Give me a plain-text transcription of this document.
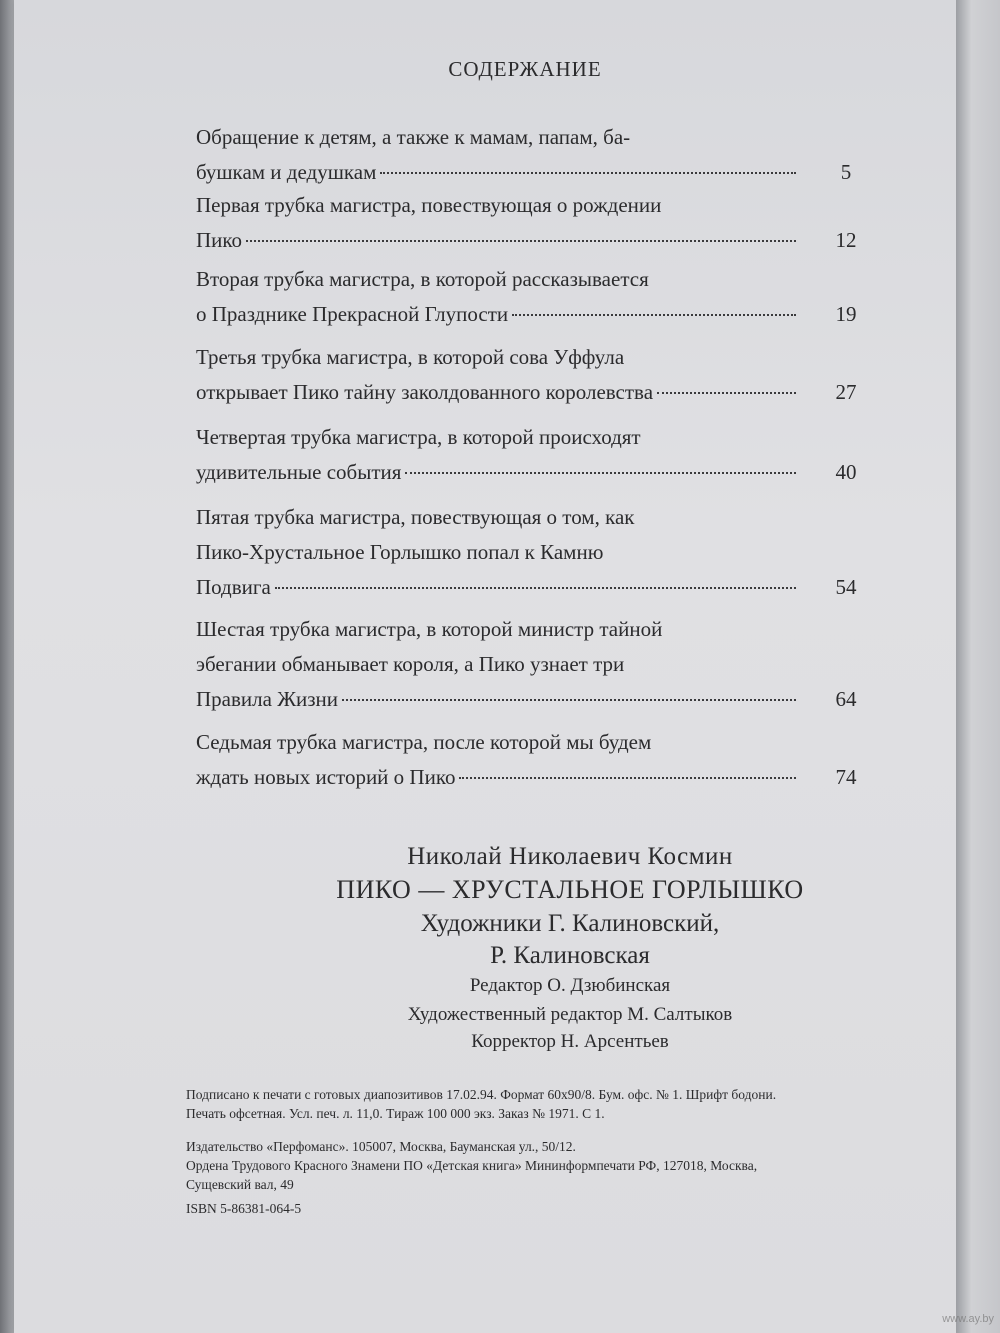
СОДЕРЖАНИЕ
Обращение к детям, а также к мамам, папам, ба-
бушкам и дедушкам	5
Первая трубка магистра, повествующая о рождении
Пико	12
Вторая трубка магистра, в которой рассказывается
о Празднике Прекрасной Глупости	19
Третья трубка магистра, в которой сова Уффула
открывает Пико тайну заколдованного королевства	27
Четвертая трубка магистра, в которой происходят
удивительные события	40
Пятая трубка магистра, повествующая о том, как
Пико-Хрустальное Горлышко попал к Камню
Подвига	54
Шестая трубка магистра, в которой министр тайной
эбегании обманывает короля, а Пико узнает три
Правила Жизни	64
Седьмая трубка магистра, после которой мы будем
ждать новых историй о Пико	74
Николай Николаевич Космин
ПИКО — ХРУСТАЛЬНОЕ ГОРЛЫШКО
Художники Г. Калиновский,
Р. Калиновская
Редактор О. Дзюбинская
Художественный редактор М. Салтыков
Корректор Н. Арсентьев
Подписано к печати с готовых диапозитивов 17.02.94. Формат 60х90/8. Бум. офс. № 1. Шрифт бодони.
Печать офсетная. Усл. печ. л. 11,0. Тираж 100 000 экз. Заказ № 1971. С 1.
Издательство «Перфоманс». 105007, Москва, Бауманская ул., 50/12.
Ордена Трудового Красного Знамени ПО «Детская книга» Мининформпечати РФ, 127018, Москва,
Сущевский вал, 49
ISBN 5-86381-064-5
www.ay.by
